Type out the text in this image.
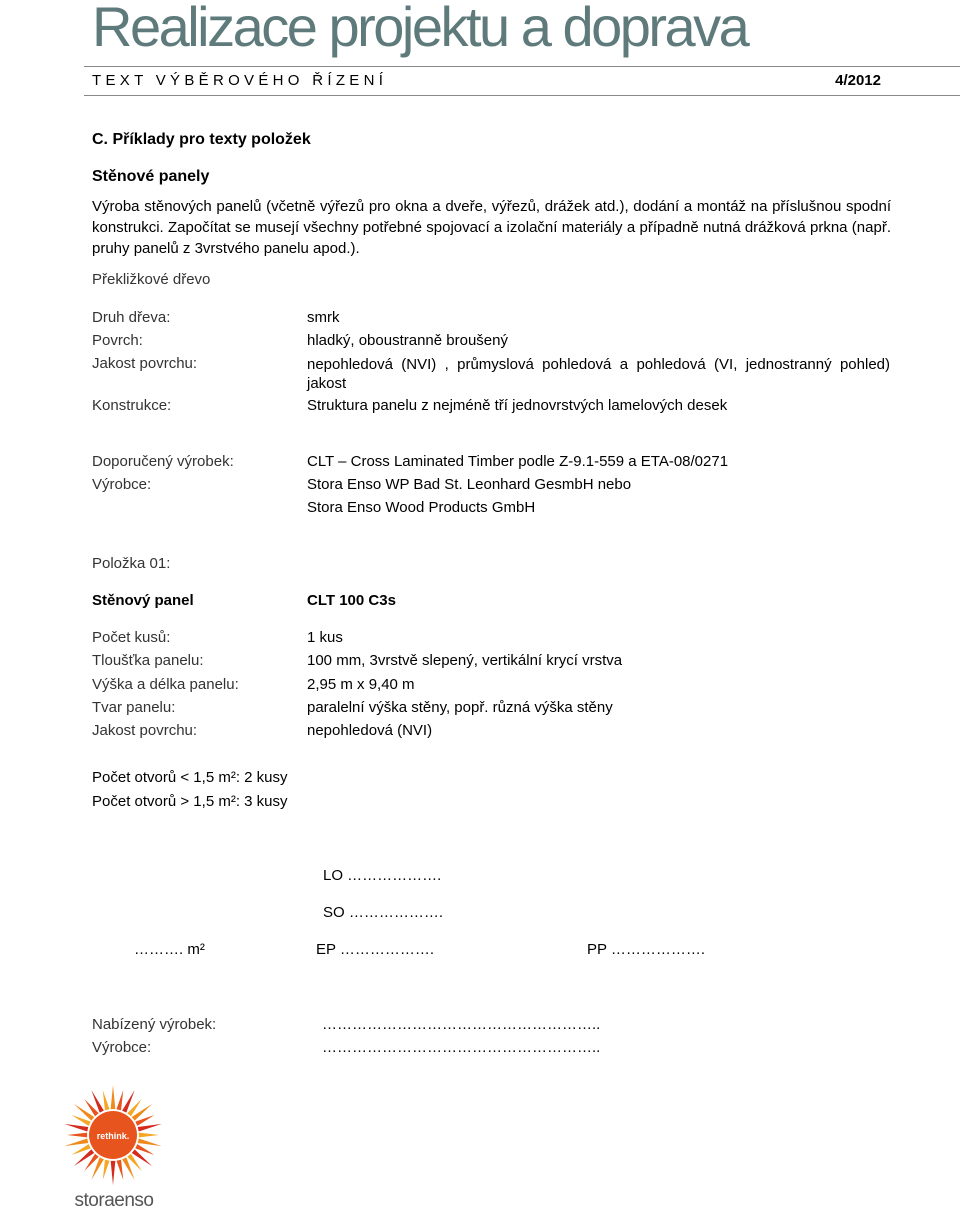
Realizace projektu a doprava
TEXT VÝBĚROVÉHO ŘÍZENÍ	4/2012
C. Příklady pro texty položek
Stěnové panely
Výroba stěnových panelů (včetně výřezů pro okna a dveře, výřezů, drážek atd.), dodání a montáž na příslušnou spodní konstrukci. Započítat se musejí všechny potřebné spojovací a izolační materiály a případně nutná drážková prkna (např. pruhy panelů z 3vrstvého panelu apod.).
Překližkové dřevo
Druh dřeva:	smrk
Povrch:	hladký, oboustranně broušený
Jakost povrchu:	nepohledová (NVI) , průmyslová pohledová a pohledová (VI, jednostranný pohled) jakost
Konstrukce:	Struktura panelu z nejméně tří jednovrstvých lamelových desek
Doporučený výrobek:	CLT – Cross Laminated Timber podle Z-9.1-559 a ETA-08/0271
Výrobce:	Stora Enso WP Bad St. Leonhard GesmbH nebo
Stora Enso Wood Products GmbH
Položka 01:
Stěnový panel	CLT 100 C3s
Počet kusů:	1 kus
Tloušťka panelu:	100 mm, 3vrstvě slepený, vertikální krycí vrstva
Výška a délka panelu:	2,95 m x 9,40 m
Tvar panelu:	paralelní výška stěny, popř. různá výška stěny
Jakost povrchu:	nepohledová (NVI)
Počet otvorů < 1,5 m²: 2 kusy
Počet otvorů > 1,5 m²: 3 kusy
LO ……………….
SO ……………….
………. m²	EP ……………….	PP ……………….
Nabízený výrobek:	………………………………………………..
Výrobce:	………………………………………………..
rethink.
storaenso
